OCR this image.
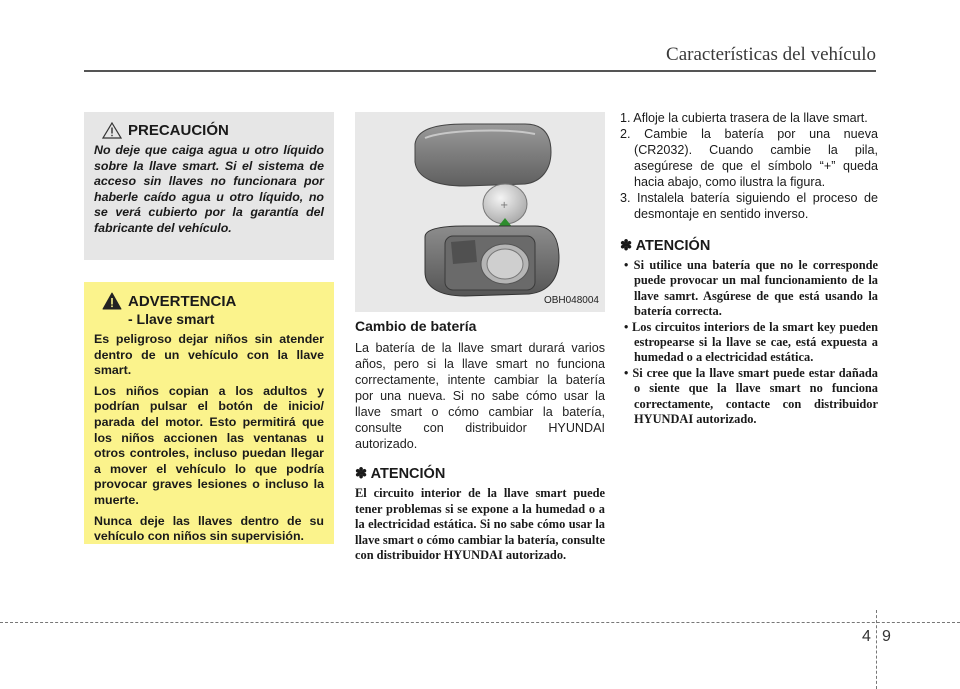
Características del vehículo
PRECAUCIÓN
No deje que caiga agua u otro líquido sobre la llave smart. Si el sistema de acceso sin llaves no funcionara por haberle caído agua u otro líquido, no se verá cubierto por la garantía del fabricante del vehículo.
ADVERTENCIA
- Llave smart

Es peligroso dejar niños sin atender dentro de un vehículo con la llave smart.

Los niños copian a los adultos y podrían pulsar el botón de inicio/ parada del motor. Esto permitirá que los niños accionen las ventanas u otros controles, incluso puedan llegar a mover el vehículo lo que podría provocar graves lesiones o incluso la muerte.

Nunca deje las llaves dentro de su vehículo con niños sin supervisión.

+
OBH048004
Cambio de batería
La batería de la llave smart durará varios años, pero si la llave smart no funciona correctamente, intente cambiar la batería por una nueva. Si no sabe cómo usar la llave smart o cómo cambiar la batería, consulte con distribuidor HYUNDAI autorizado.
✽ ATENCIÓN
El circuito interior de la llave smart puede tener problemas si se expone a la humedad o a la electricidad estática. Si no sabe cómo usar la llave smart o cómo cambiar la batería, consulte con distribuidor HYUNDAI autorizado.
1. Afloje la cubierta trasera de la llave smart.
2. Cambie la batería por una nueva (CR2032). Cuando cambie la pila, asegúrese de que el símbolo “+” queda hacia abajo, como ilustra la figura.
3. Instalela batería siguiendo el proceso de desmontaje en sentido inverso.
✽ ATENCIÓN
• Si utilice una batería que no le corresponde puede provocar un mal funcionamiento de la llave samrt. Asgúrese de que está usando la batería correcta.
• Los circuitos interiors de la smart key pueden estropearse si la llave se cae, está expuesta a humedad o a electricidad estática.
• Si cree que la llave smart puede estar dañada o siente que la llave smart no funciona correctamente, contacte con distribuidor HYUNDAI autorizado.
4 9
